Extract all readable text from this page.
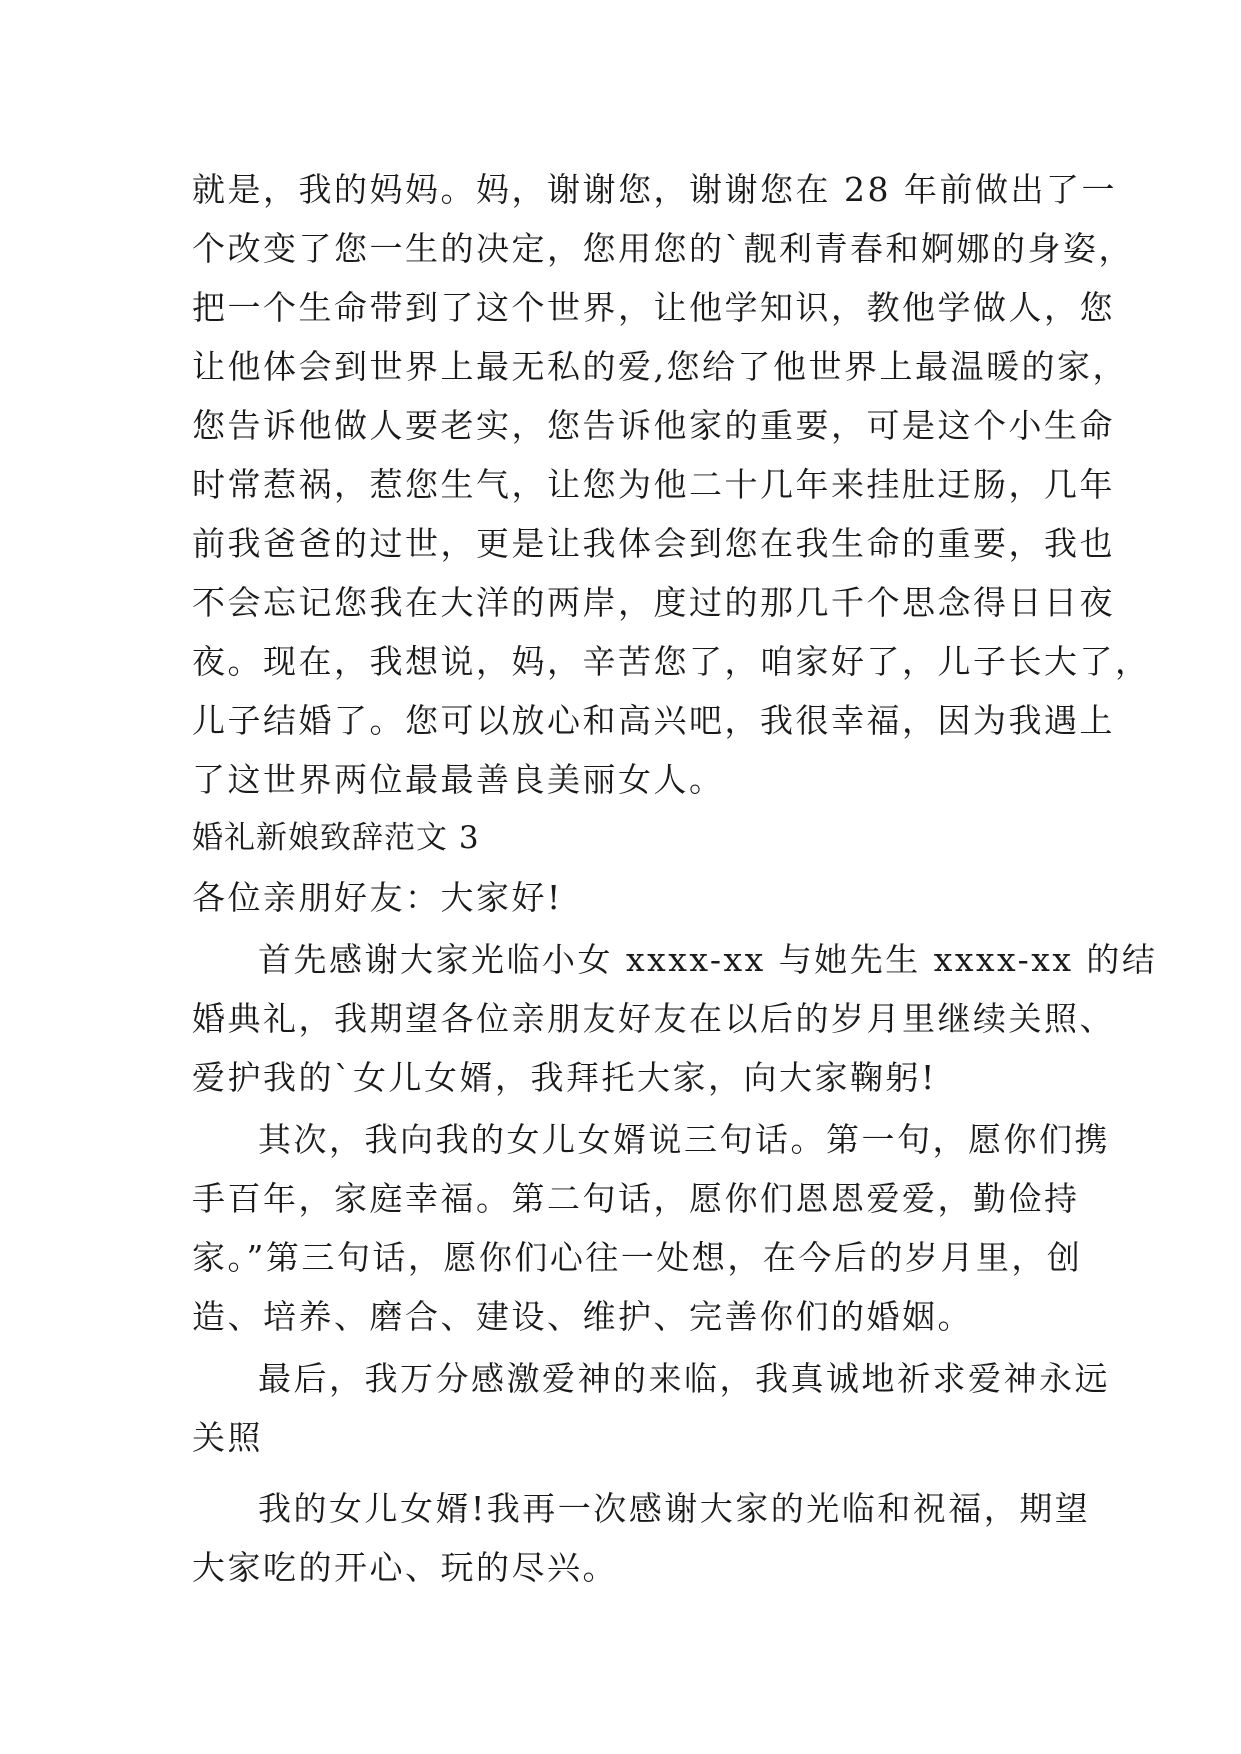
就是，我的妈妈。妈，谢谢您，谢谢您在 28 年前做出了一
个改变了您一生的决定，您用您的`靓利青春和婀娜的身姿，
把一个生命带到了这个世界，让他学知识，教他学做人，您
让他体会到世界上最无私的爱,您给了他世界上最温暖的家，
您告诉他做人要老实，您告诉他家的重要，可是这个小生命
时常惹祸，惹您生气，让您为他二十几年来挂肚迂肠，几年
前我爸爸的过世，更是让我体会到您在我生命的重要，我也
不会忘记您我在大洋的两岸，度过的那几千个思念得日日夜
夜。现在，我想说，妈，辛苦您了，咱家好了，儿子长大了，
儿子结婚了。您可以放心和高兴吧，我很幸福，因为我遇上
了这世界两位最最善良美丽女人。
婚礼新娘致辞范文 3
各位亲朋好友：大家好!
首先感谢大家光临小女 xxxx-xx 与她先生 xxxx-xx 的结
婚典礼，我期望各位亲朋友好友在以后的岁月里继续关照、
爱护我的`女儿女婿，我拜托大家，向大家鞠躬!
其次，我向我的女儿女婿说三句话。第一句，愿你们携
手百年，家庭幸福。第二句话，愿你们恩恩爱爱，勤俭持
家。”第三句话，愿你们心往一处想，在今后的岁月里，创
造、培养、磨合、建设、维护、完善你们的婚姻。
最后，我万分感激爱神的来临，我真诚地祈求爱神永远
关照
我的女儿女婿!我再一次感谢大家的光临和祝福，期望
大家吃的开心、玩的尽兴。
